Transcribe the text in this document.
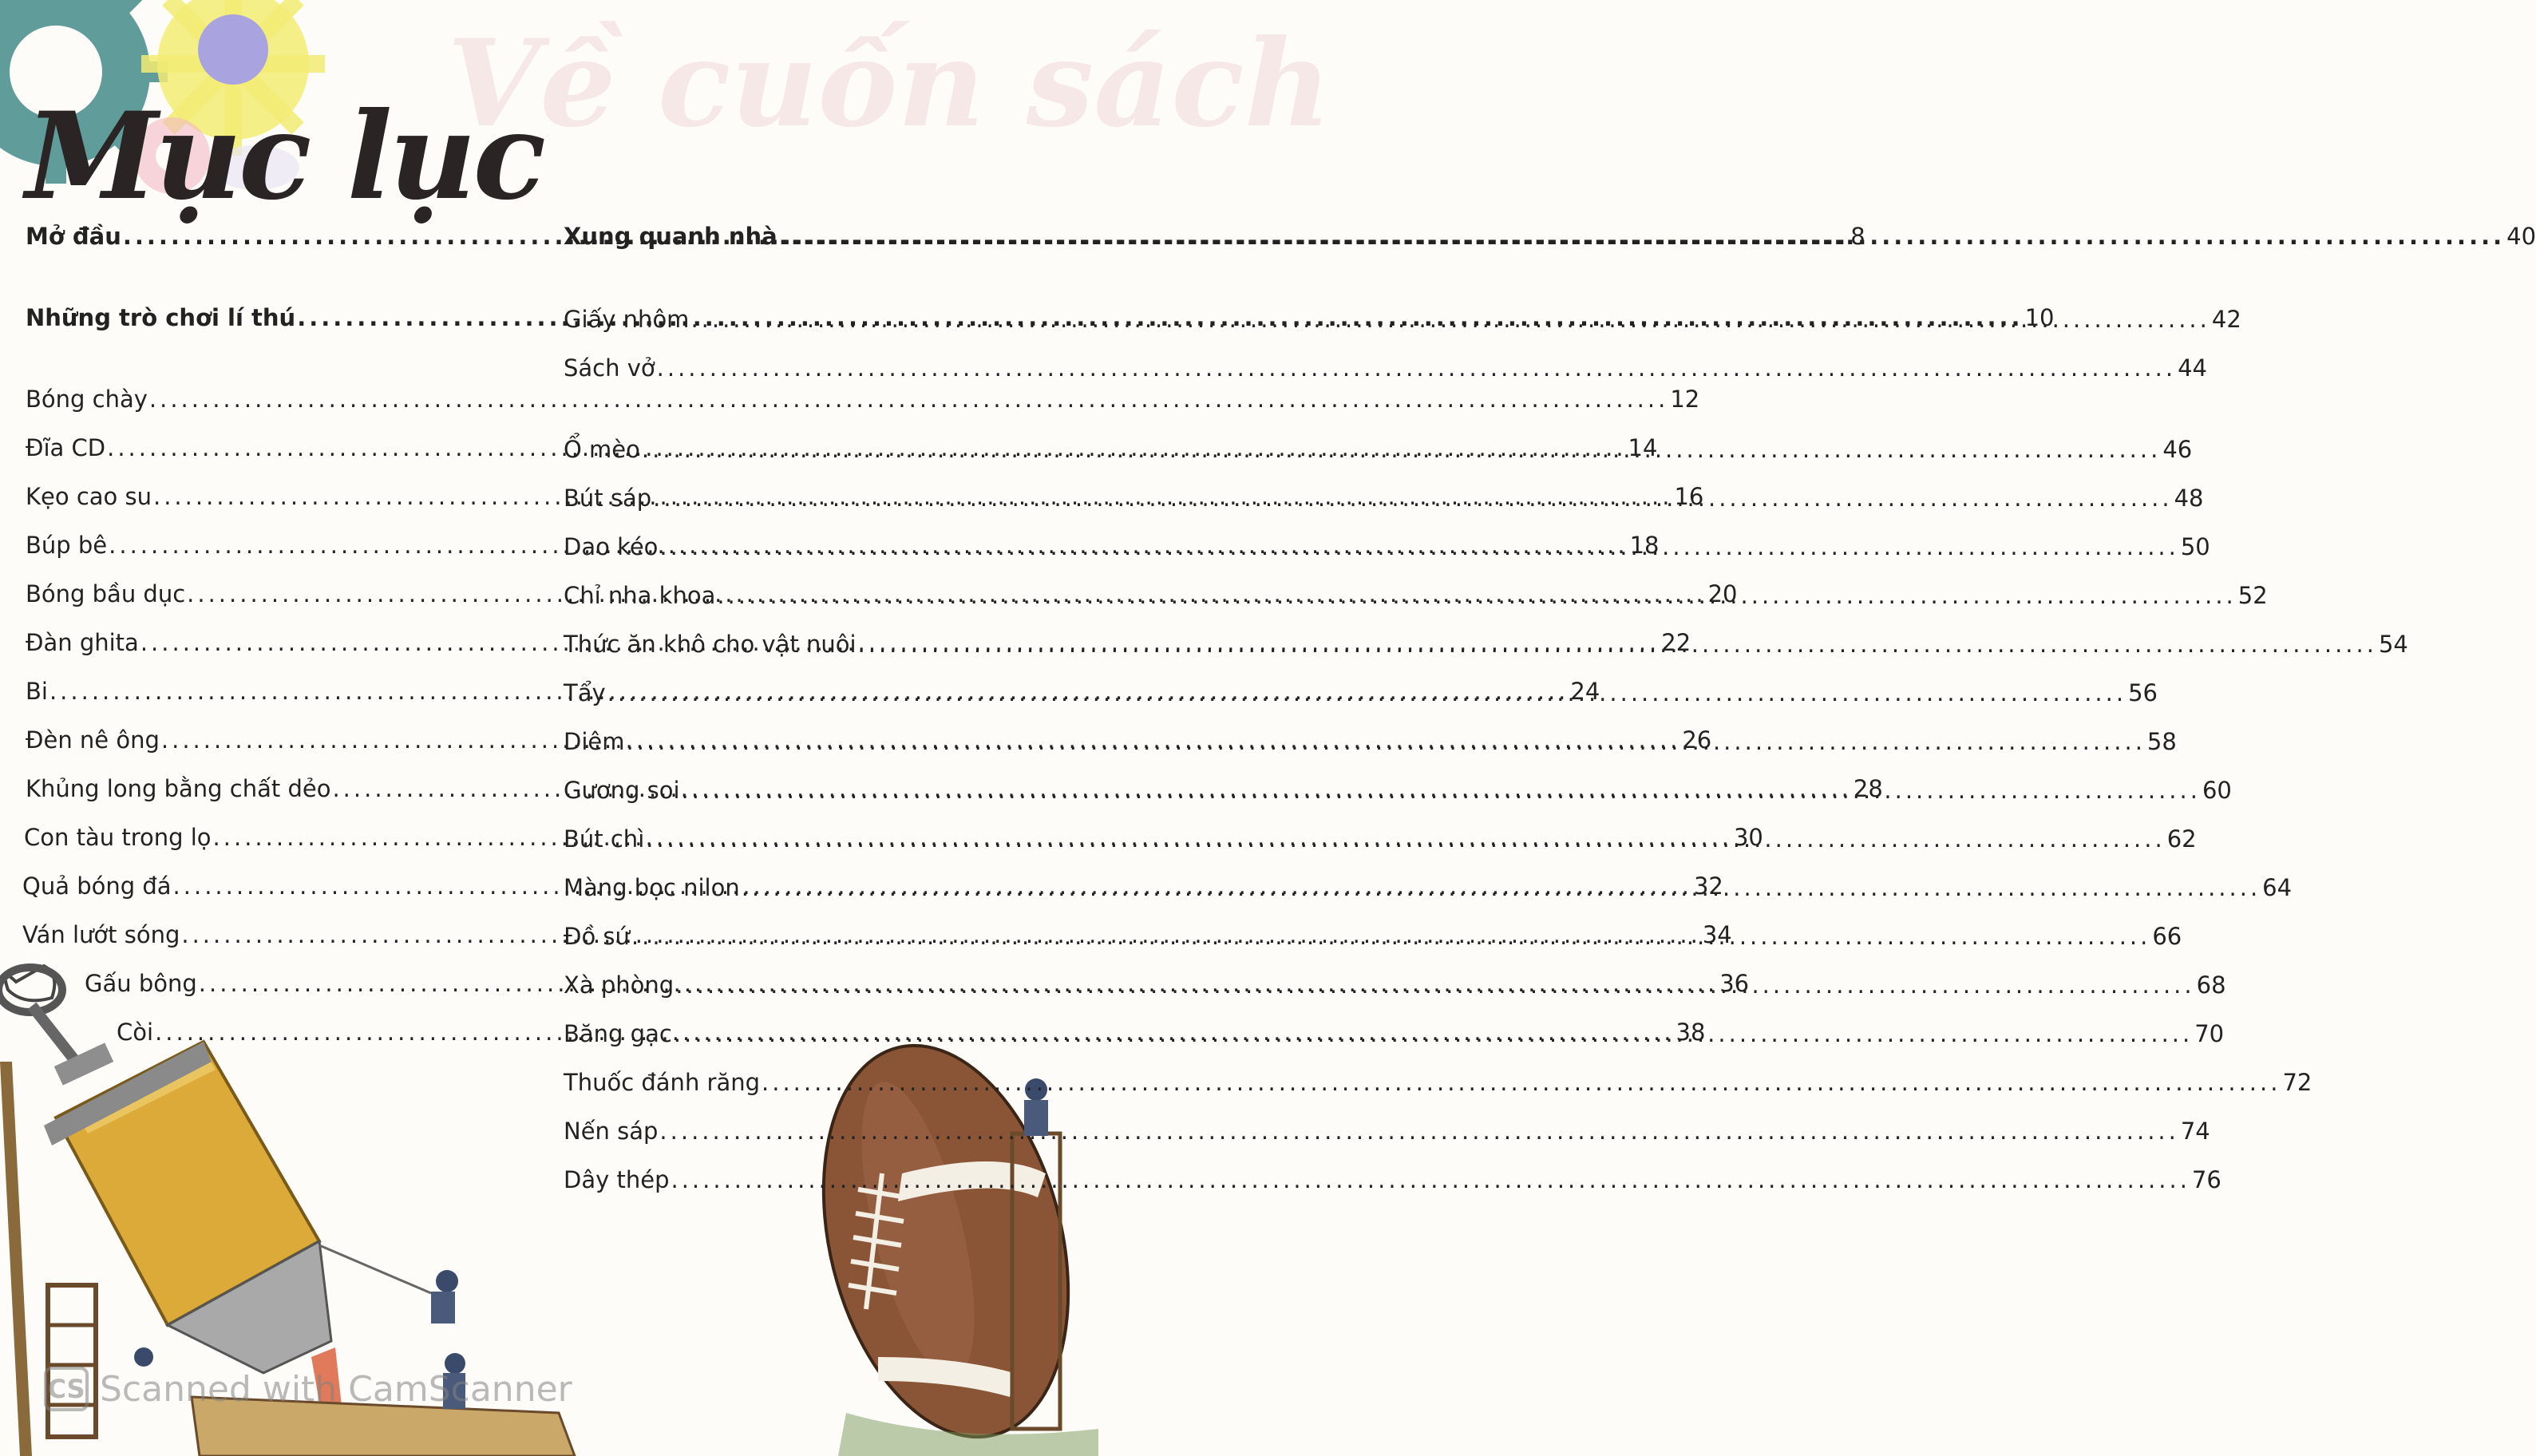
Về cuốn sách
Mục lục
Mở đầu .....	8
Những trò chơi lí thú .....	10
Bóng chày .....	12
Đĩa CD .....	14
Kẹo cao su .....	16
Búp bê .....	18
Bóng bầu dục .....	20
Đàn ghita .....	22
Bi .....	24
Đèn nê ông .....	26
Khủng long bằng chất dẻo .....	28
Con tàu trong lọ .....	30
Quả bóng đá .....	32
Ván lướt sóng .....	34
Gấu bông .....	36
Còi .....	38
Xung quanh nhà .....	40
Giấy nhôm .....	42
Sách vở .....	44
Ổ mèo .....	46
Bút sáp .....	48
Dao kéo .....	50
Chỉ nha khoa .....	52
Thức ăn khô cho vật nuôi .....	54
Tẩy .....	56
Diêm .....	58
Gương soi .....	60
Bút chì .....	62
Màng bọc nilon .....	64
Đồ sứ .....	66
Xà phòng .....	68
Băng gạc .....	70
Thuốc đánh răng .....	72
Nến sáp .....	74
Dây thép .....	76
CS Scanned with CamScanner
